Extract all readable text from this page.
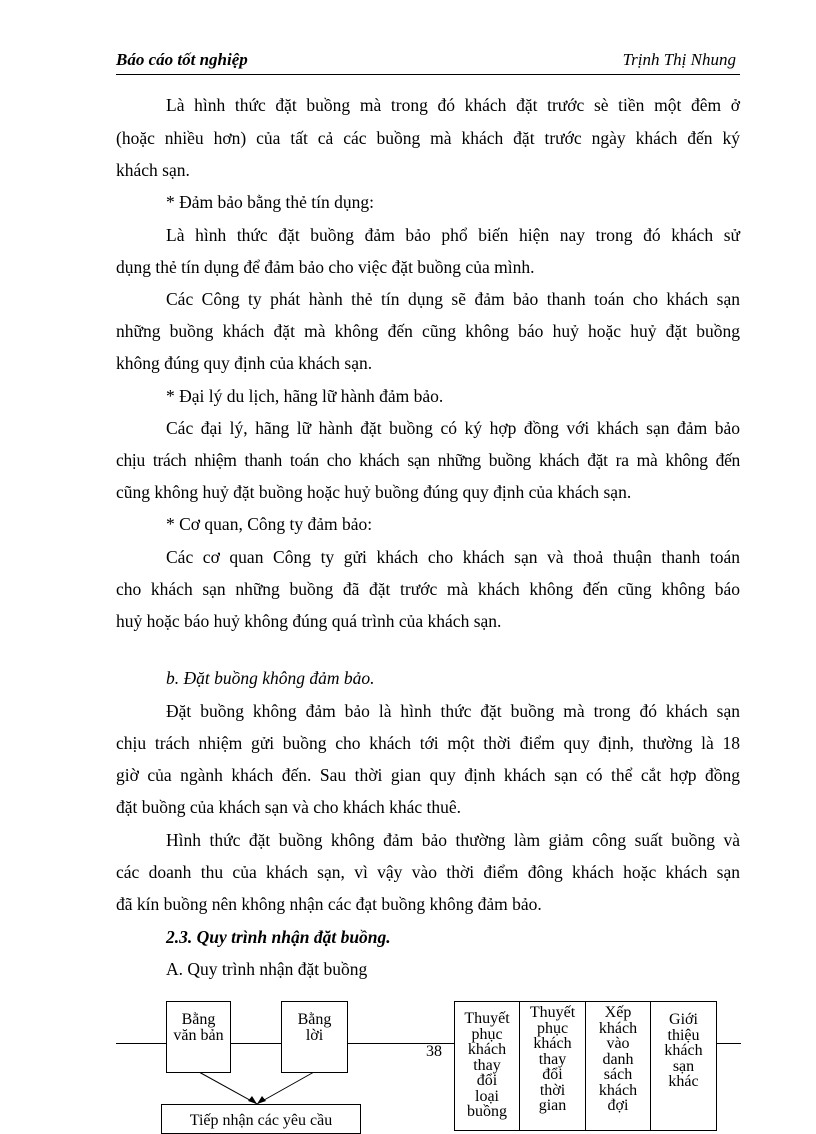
Báo cáo tốt nghiệp	Trịnh Thị Nhung
Là hình thức đặt buồng mà trong đó khách đặt trước sè tiền một đêm ở
(hoặc nhiều hơn) của tất cả các buồng mà khách đặt trước ngày khách đến ký
khách sạn.
* Đảm bảo bằng thẻ tín dụng:
Là hình thức đặt buồng đảm bảo phổ biến hiện nay trong đó khách sử
dụng thẻ tín dụng để đảm bảo cho việc đặt buồng của mình.
Các Công ty phát hành thẻ tín dụng sẽ đảm bảo thanh toán cho khách sạn
những buồng khách đặt mà không đến cũng không báo huỷ hoặc huỷ đặt buồng
không đúng quy định của khách sạn.
* Đại lý du lịch, hãng lữ hành đảm bảo.
Các đại lý, hãng lữ hành đặt buồng có ký hợp đồng với khách sạn đảm bảo
chịu trách nhiệm thanh toán cho khách sạn những buồng khách đặt ra mà không đến
cũng không huỷ đặt buồng hoặc huỷ buồng đúng quy định của khách sạn.
* Cơ quan, Công ty đảm bảo:
Các cơ quan Công ty gửi khách cho khách sạn và thoả thuận thanh toán
cho khách sạn những buồng đã đặt trước mà khách không đến cũng không báo
huỷ hoặc báo huỷ không đúng quá trình của khách sạn.
b. Đặt buồng không đảm bảo.
Đặt buồng không đảm bảo là hình thức đặt buồng mà trong đó khách sạn
chịu trách nhiệm gửi buồng cho khách tới một thời điểm quy định, thường là 18
giờ của ngành khách đến. Sau thời gian quy định khách sạn có thể cắt hợp đồng
đặt buồng của khách sạn và cho khách khác thuê.
Hình thức đặt buồng không đảm bảo thường làm giảm công suất buồng và
các doanh thu của khách sạn, vì vậy vào thời điểm đông khách hoặc khách sạn
đã kín buồng nên không nhận các đạt buồng không đảm bảo.
2.3. Quy trình nhận đặt buồng.
A. Quy trình nhận đặt buồng
Bằng
văn bản
Bằng
lời
Tiếp nhận các yêu cầu
38
Thuyết
phục
khách
thay
đổi
loại
buồng
Thuyết
phục
khách
thay
đổi
thời
gian
Xếp
khách
vào
danh
sách
khách
đợi
Giới
thiệu
khách
sạn
khác
